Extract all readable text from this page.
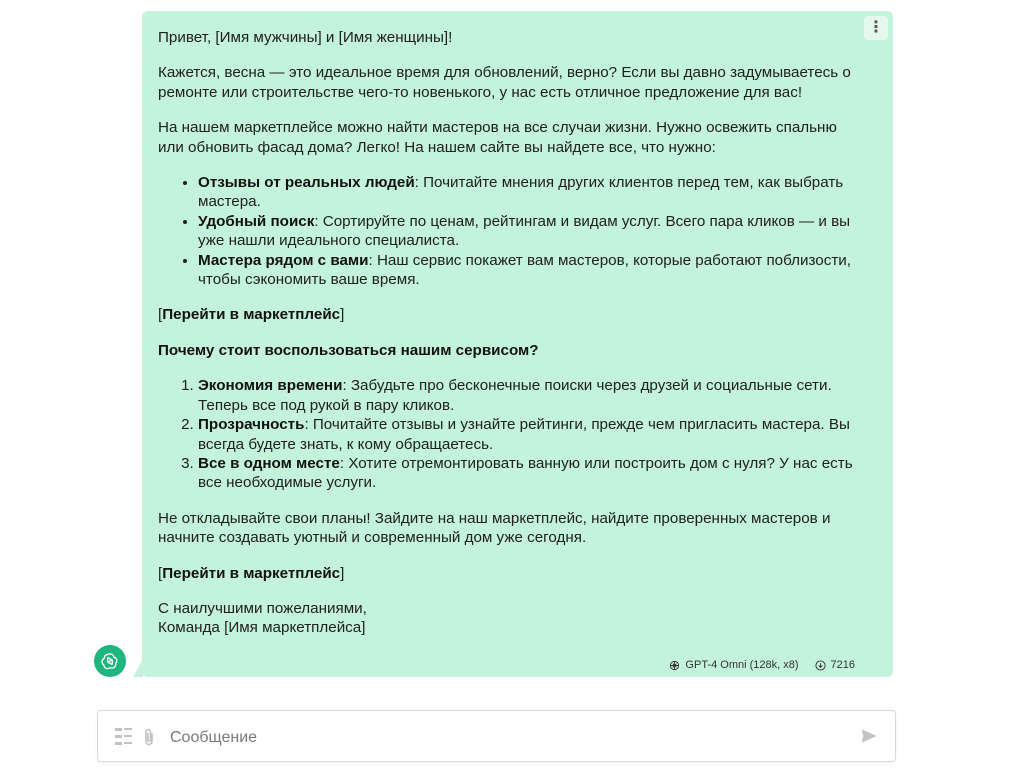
⋮

Привет, [Имя мужчины] и [Имя женщины]!

Кажется, весна — это идеальное время для обновлений, верно? Если вы давно задумываетесь о ремонте или строительстве чего-то новенького, у нас есть отличное предложение для вас!

На нашем маркетплейсе можно найти мастеров на все случаи жизни. Нужно освежить спальню или обновить фасад дома? Легко! На нашем сайте вы найдете все, что нужно:

• Отзывы от реальных людей: Почитайте мнения других клиентов перед тем, как выбрать мастера.
• Удобный поиск: Сортируйте по ценам, рейтингам и видам услуг. Всего пара кликов — и вы уже нашли идеального специалиста.
• Мастера рядом с вами: Наш сервис покажет вам мастеров, которые работают поблизости, чтобы сэкономить ваше время.

[Перейти в маркетплейс]

Почему стоит воспользоваться нашим сервисом?

1. Экономия времени: Забудьте про бесконечные поиски через друзей и социальные сети. Теперь все под рукой в пару кликов.
2. Прозрачность: Почитайте отзывы и узнайте рейтинги, прежде чем пригласить мастера. Вы всегда будете знать, к кому обращаетесь.
3. Все в одном месте: Хотите отремонтировать ванную или построить дом с нуля? У нас есть все необходимые услуги.

Не откладывайте свои планы! Зайдите на наш маркетплейс, найдите проверенных мастеров и начните создавать уютный и современный дом уже сегодня.

[Перейти в маркетплейс]

С наилучшими пожеланиями,

Команда [Имя маркетплейса]

GPT-4 Omni (128k, x8)	7216
Сообщение
